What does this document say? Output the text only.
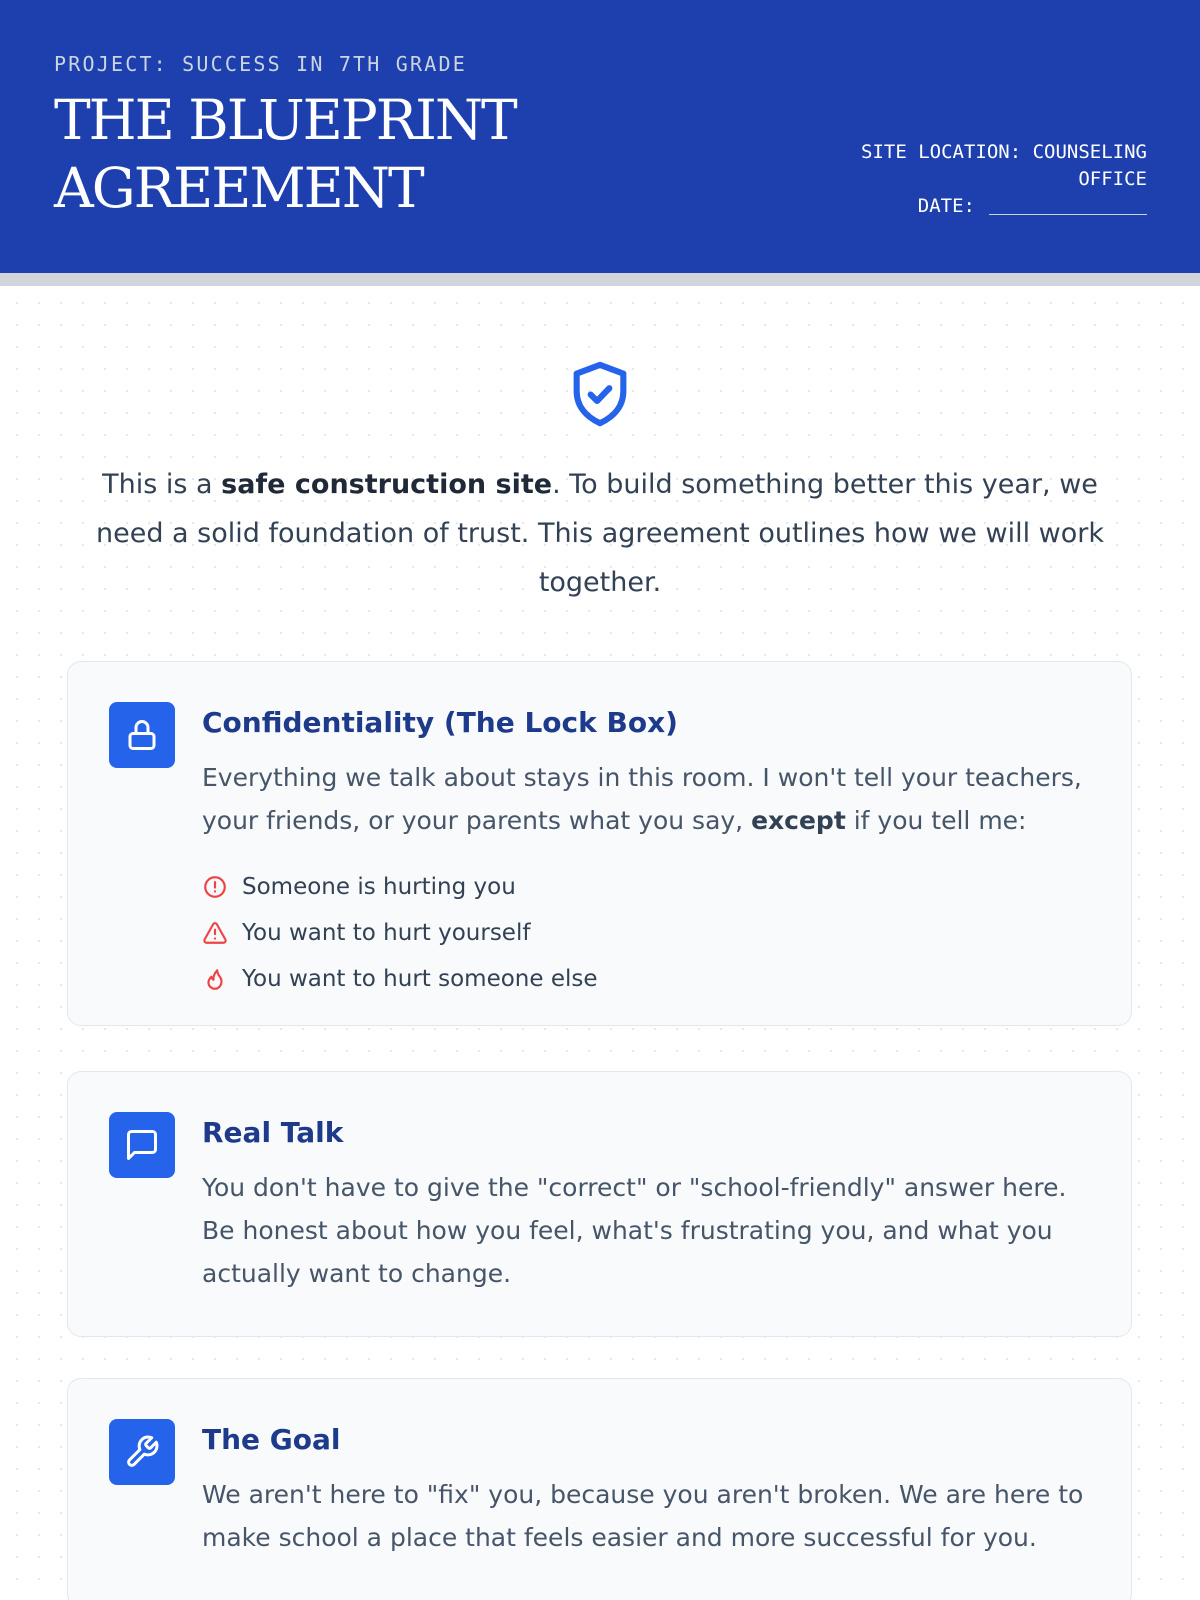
PROJECT: SUCCESS IN 7TH GRADE
THE BLUEPRINT
AGREEMENT
SITE LOCATION: COUNSELING
OFFICE
DATE:

This is a safe construction site. To build something better this year, we need a solid foundation of trust. This agreement outlines how we will work together.

Confidentiality (The Lock Box)

Everything we talk about stays in this room. I won't tell your teachers, your friends, or your parents what you say, except if you tell me:

Someone is hurting you
You want to hurt yourself
You want to hurt someone else
Real Talk

You don't have to give the "correct" or "school-friendly" answer here. Be honest about how you feel, what's frustrating you, and what you actually want to change.

The Goal

We aren't here to "fix" you, because you aren't broken. We are here to make school a place that feels easier and more successful for you.
